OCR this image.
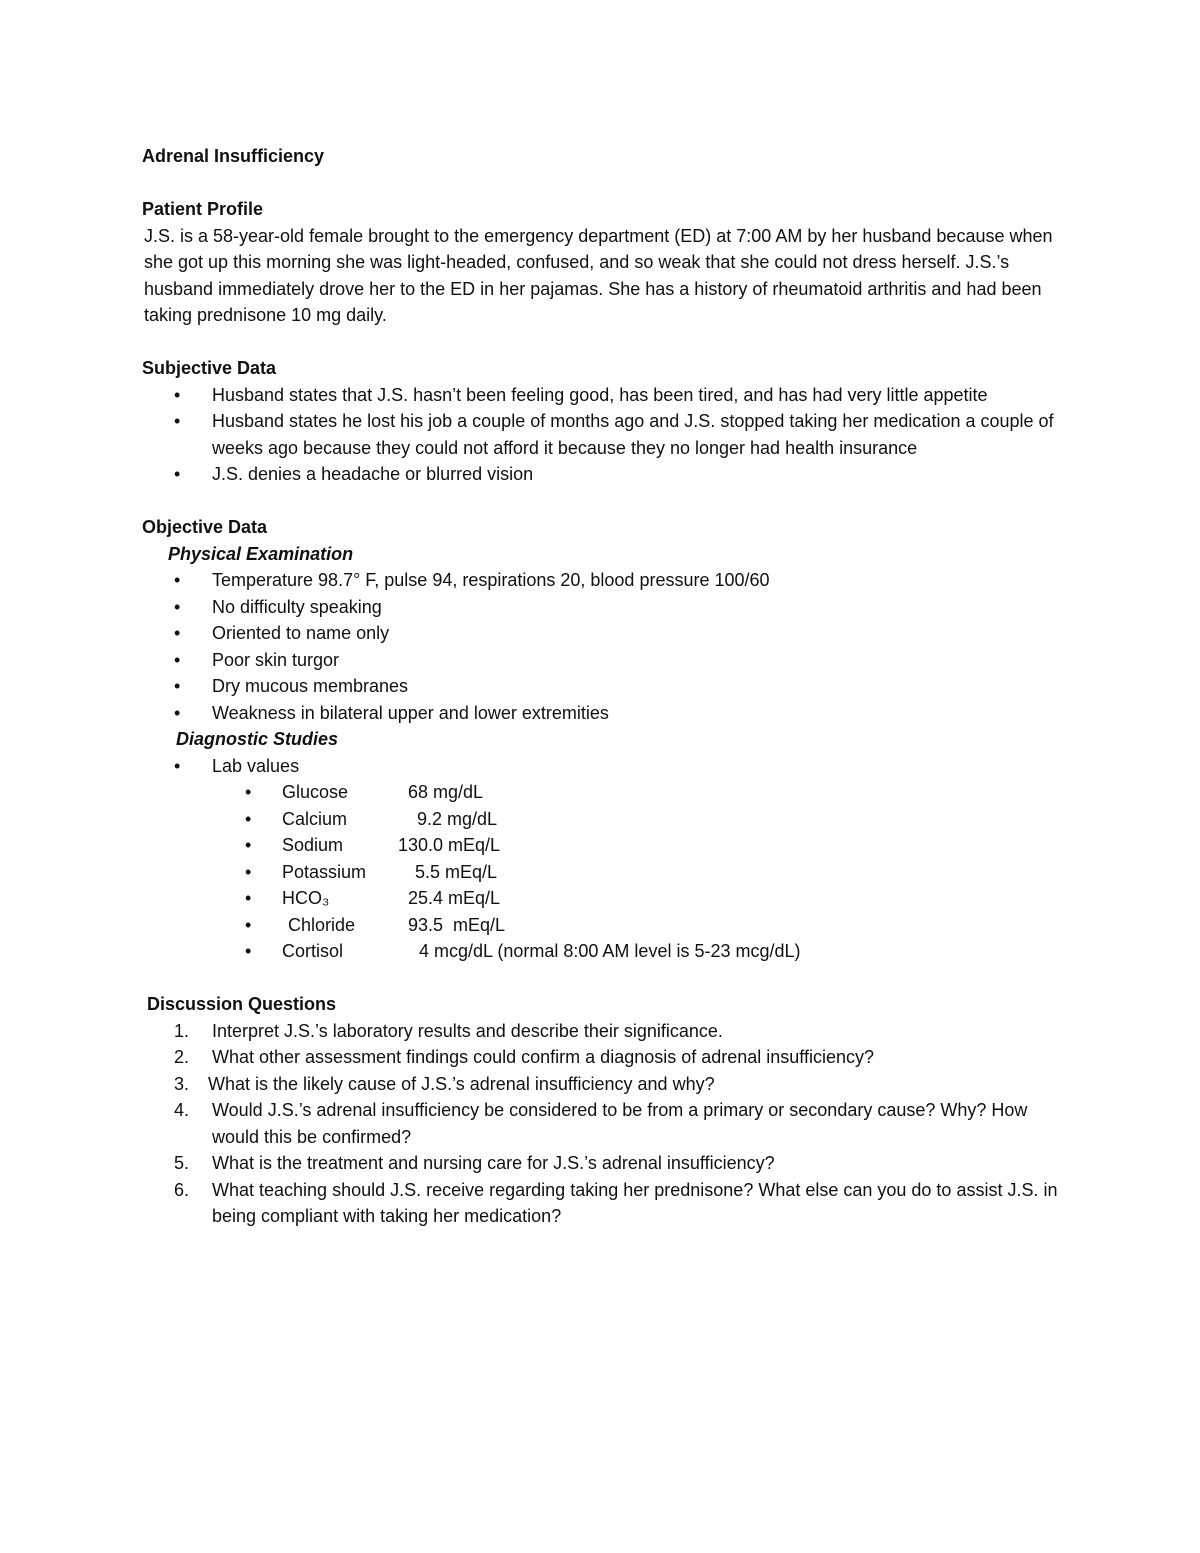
Adrenal Insufficiency
Patient Profile

J.S. is a 58-year-old female brought to the emergency department (ED) at 7:00 AM by her husband because when she got up this morning she was light-headed, confused, and so weak that she could not dress herself. J.S.’s husband immediately drove her to the ED in her pajamas. She has a history of rheumatoid arthritis and had been taking prednisone 10 mg daily.

Subjective Data
• Husband states that J.S. hasn’t been feeling good, has been tired, and has had very little appetite
• Husband states he lost his job a couple of months ago and J.S. stopped taking her medication a couple of weeks ago because they could not afford it because they no longer had health insurance
• J.S. denies a headache or blurred vision
Objective Data
Physical Examination
• Temperature 98.7° F, pulse 94, respirations 20, blood pressure 100/60
• No difficulty speaking
• Oriented to name only
• Poor skin turgor
• Dry mucous membranes
• Weakness in bilateral upper and lower extremities
Diagnostic Studies
• Lab values
• Glucose	68 mg/dL
• Calcium	9.2 mg/dL
• Sodium	130.0 mEq/L
• Potassium	5.5 mEq/L
• HCO₃	25.4 mEq/L
• Chloride	93.5  mEq/L
• Cortisol	4 mcg/dL (normal 8:00 AM level is 5-23 mcg/dL)
Discussion Questions
1. Interpret J.S.’s laboratory results and describe their significance.
2. What other assessment findings could confirm a diagnosis of adrenal insufficiency?
3. What is the likely cause of J.S.’s adrenal insufficiency and why?
4. Would J.S.’s adrenal insufficiency be considered to be from a primary or secondary cause? Why? How would this be confirmed?
5. What is the treatment and nursing care for J.S.’s adrenal insufficiency?
6. What teaching should J.S. receive regarding taking her prednisone? What else can you do to assist J.S. in being compliant with taking her medication?
